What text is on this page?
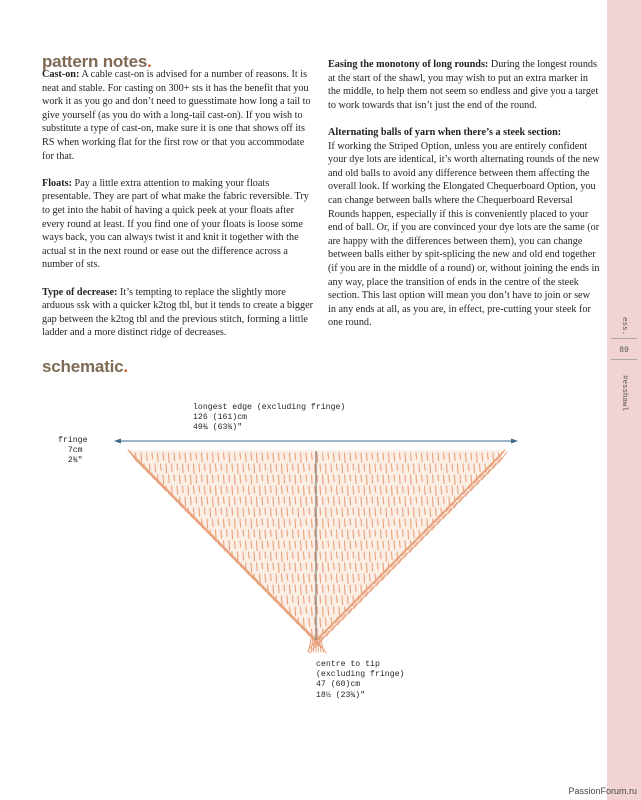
pattern notes.

Cast-on: A cable cast-on is advised for a number of reasons. It is neat and stable. For casting on 300+ sts it has the benefit that you work it as you go and don’t need to guesstimate how long a tail to give yourself (as you do with a long-tail cast-on). If you wish to substitute a type of cast-on, make sure it is one that shows off its RS when working flat for the first row or that you accommodate for that.

Floats: Pay a little extra attention to making your floats presentable. They are part of what make the fabric reversible. Try to get into the habit of having a quick peek at your floats after every round at least. If you find one of your floats is loose some ways back, you can always twist it and knit it together with the actual st in the next round or ease out the difference across a number of sts.

Type of decrease: It’s tempting to replace the slightly more arduous ssk with a quicker k2tog tbl, but it tends to create a bigger gap between the k2tog tbl and the previous stitch, forming a little ladder and a more distinct ridge of decreases.

Easing the monotony of long rounds: During the longest rounds at the start of the shawl, you may wish to put an extra marker in the middle, to help them not seem so endless and give you a target to work towards that isn’t just the end of the round.

Alternating balls of yarn when there’s a steek section:
If working the Striped Option, unless you are entirely confident your dye lots are identical, it’s worth alternating rounds of the new and old balls to avoid any difference between them affecting the overall look. If working the Elongated Chequerboard Option, you can change between balls where the Chequerboard Reversal Rounds happen, especially if this is conveniently placed to your end of ball. Or, if you are convinced your dye lots are the same (or are happy with the differences between them), you can change between balls either by spit-splicing the new and old end together (if you are in the middle of a round) or, without joining the ends in any way, place the transition of ends in the centre of the steek section. This last option will mean you don’t have to join or sew in any ends at all, as you are, in effect, pre-cutting your steek for one round.

schematic.
longest edge (excluding fringe)
126 (161)cm
49¾ (63¾)"
fringe
7cm
2¾"
centre to tip
(excluding fringe)
47 (60)cm
18½ (23¾)"
ess.
89
#esshawl
PassionForum.ru
